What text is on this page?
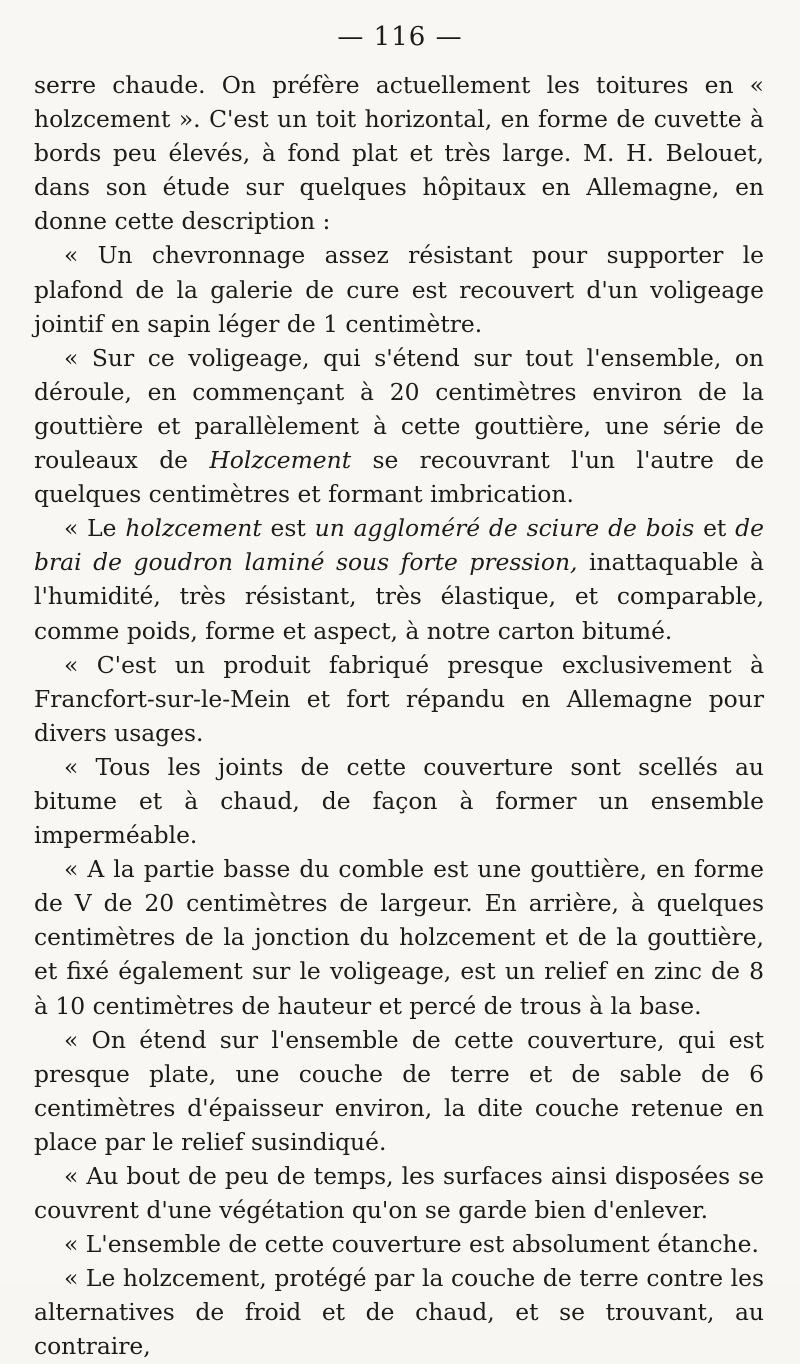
— 116 —

serre chaude. On préfère actuellement les toitures en « holzcement ». C'est un toit horizontal, en forme de cuvette à bords peu élevés, à fond plat et très large. M. H. Belouet, dans son étude sur quelques hôpitaux en Allemagne, en donne cette description :

« Un chevronnage assez résistant pour supporter le plafond de la galerie de cure est recouvert d'un voligeage jointif en sapin léger de 1 centimètre.

« Sur ce voligeage, qui s'étend sur tout l'ensemble, on déroule, en commençant à 20 centimètres environ de la gouttière et parallèlement à cette gouttière, une série de rouleaux de Holzcement se recouvrant l'un l'autre de quelques centimètres et formant imbrication.

« Le holzcement est un aggloméré de sciure de bois et de brai de goudron laminé sous forte pression, inattaquable à l'humidité, très résistant, très élastique, et comparable, comme poids, forme et aspect, à notre carton bitumé.

« C'est un produit fabriqué presque exclusivement à Francfort-sur-le-Mein et fort répandu en Allemagne pour divers usages.

« Tous les joints de cette couverture sont scellés au bitume et à chaud, de façon à former un ensemble imperméable.

« A la partie basse du comble est une gouttière, en forme de V de 20 centimètres de largeur. En arrière, à quelques centimètres de la jonction du holzcement et de la gouttière, et fixé également sur le voligeage, est un relief en zinc de 8 à 10 centimètres de hauteur et percé de trous à la base.

« On étend sur l'ensemble de cette couverture, qui est presque plate, une couche de terre et de sable de 6 centimètres d'épaisseur environ, la dite couche retenue en place par le relief susindiqué.

« Au bout de peu de temps, les surfaces ainsi disposées se couvrent d'une végétation qu'on se garde bien d'enlever.

« L'ensemble de cette couverture est absolument étanche.

« Le holzcement, protégé par la couche de terre contre les alternatives de froid et de chaud, et se trouvant, au contraire,
